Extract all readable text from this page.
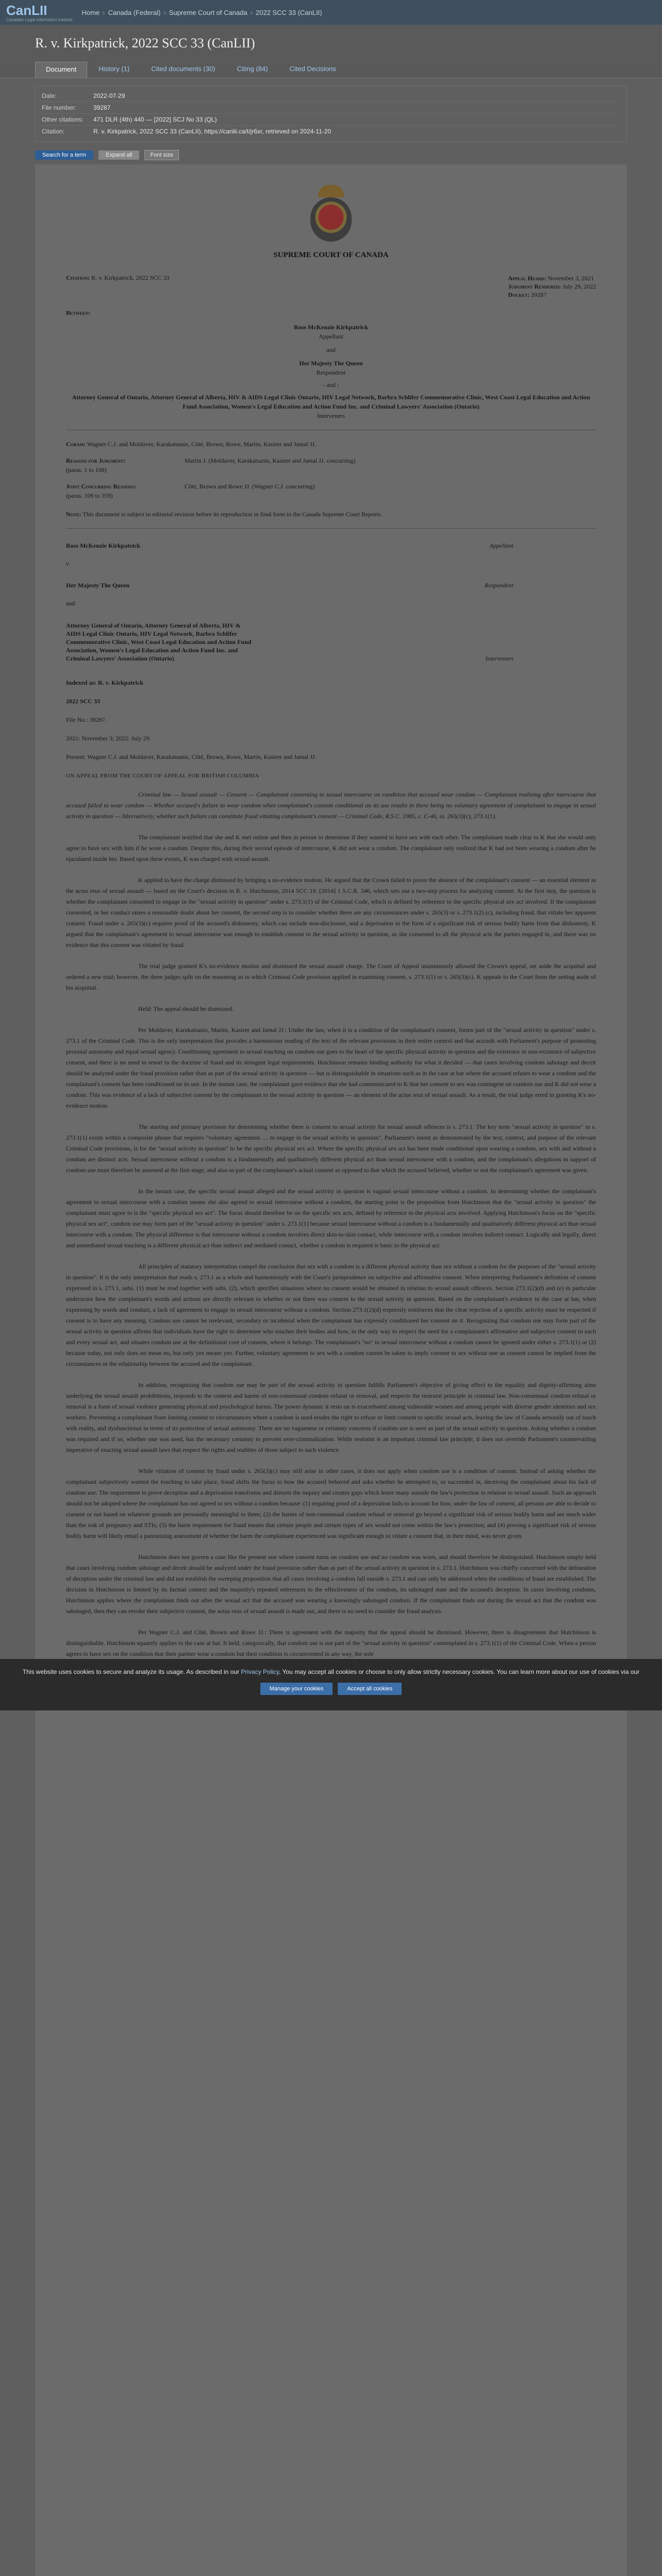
CanLII
Canadian Legal Information Institute
Home › Canada (Federal) › Supreme Court of Canada › 2022 SCC 33 (CanLII)
R. v. Kirkpatrick, 2022 SCC 33 (CanLII)
Document	History (1)	Cited documents (30)	Citing (84)	Cited Decisions
Date:	2022-07-29
File number:	39287
Other citations:	471 DLR (4th) 440 — [2022] SCJ No 33 (QL)
Citation:	R. v. Kirkpatrick, 2022 SCC 33 (CanLII), https://canlii.ca/t/jr6xr, retrieved on 2024-11-20
Search for a term	Expand all	Font size
SUPREME COURT OF CANADA
Citation: R. v. Kirkpatrick, 2022 SCC 33	Appeal Heard: November 3, 2021
Judgment Rendered: July 29, 2022
Docket: 39287
Between:
Ross McKenzie Kirkpatrick
Appellant
and
Her Majesty The Queen
Respondent
- and -
Attorney General of Ontario, Attorney General of Alberta, HIV & AIDS Legal Clinic Ontario, HIV Legal Network, Barbra Schlifer Commemorative Clinic, West Coast Legal Education and Action Fund Association, Women's Legal Education and Action Fund Inc. and Criminal Lawyers' Association (Ontario)
Interveners
Coram: Wagner C.J. and Moldaver, Karakatsanis, Côté, Brown, Rowe, Martin, Kasirer and Jamal JJ.
Reasons for Judgment:
(paras. 1 to 108)
Martin J. (Moldaver, Karakatsanis, Kasirer and Jamal JJ. concurring)
Joint Concurring Reasons:
(paras. 109 to 359)
Côté, Brown and Rowe JJ. (Wagner C.J. concurring)
Note: This document is subject to editorial revision before its reproduction in final form in the Canada Supreme Court Reports.
Ross McKenzie Kirkpatrick	Appellant
v.
Her Majesty The Queen	Respondent
and
Attorney General of Ontario, Attorney General of Alberta, HIV & AIDS Legal Clinic Ontario, HIV Legal Network, Barbra Schlifer Commemorative Clinic, West Coast Legal Education and Action Fund Association, Women's Legal Education and Action Fund Inc. and Criminal Lawyers' Association (Ontario)	Interveners
Indexed as: R. v. Kirkpatrick
2022 SCC 33
File No.: 39287.
2021: November 3; 2022: July 29.
Present: Wagner C.J. and Moldaver, Karakatsanis, Côté, Brown, Rowe, Martin, Kasirer and Jamal JJ.
ON APPEAL FROM THE COURT OF APPEAL FOR BRITISH COLUMBIA
Criminal law — Sexual assault — Consent — Complainant consenting to sexual intercourse on condition that accused wear condom — Complainant realizing after intercourse that accused failed to wear condom — Whether accused's failure to wear condom when complainant's consent conditional on its use results in there being no voluntary agreement of complainant to engage in sexual activity in question — Alternatively, whether such failure can constitute fraud vitiating complainant's consent — Criminal Code, R.S.C. 1985, c. C-46, ss. 265(3)(c), 273.1(1).
The complainant testified that she and K met online and then in person to determine if they wanted to have sex with each other. The complainant made clear to K that she would only agree to have sex with him if he wore a condom. Despite this, during their second episode of intercourse, K did not wear a condom. The complainant only realized that K had not been wearing a condom after he ejaculated inside her. Based upon these events, K was charged with sexual assault.
K applied to have the charge dismissed by bringing a no-evidence motion. He argued that the Crown failed to prove the absence of the complainant's consent — an essential element in the actus reus of sexual assault — based on the Court's decision in R. v. Hutchinson, 2014 SCC 19. [2014] 1 S.C.R. 346, which sets out a two-step process for analyzing consent. At the first step, the question is whether the complainant consented to engage in the "sexual activity in question" under s. 273.1(1) of the Criminal Code, which is defined by reference to the specific physical sex act involved. If the complainant consented, or her conduct raises a reasonable doubt about her consent, the second step is to consider whether there are any circumstances under s. 265(3) or s. 273.1(2) (c), including fraud, that vitiate her apparent consent. Fraud under s. 265(3)(c) requires proof of the accused's dishonesty, which can include non-disclosure, and a deprivation in the form of a significant risk of serious bodily harm from that dishonesty. K argued that the complainant's agreement to sexual intercourse was enough to establish consent to the sexual activity in question, as she consented to all the physical acts the parties engaged in, and there was no evidence that this consent was vitiated by fraud.
The trial judge granted K's no-evidence motion and dismissed the sexual assault charge. The Court of Appeal unanimously allowed the Crown's appeal, set aside the acquittal and ordered a new trial; however, the three judges split on the reasoning as to which Criminal Code provision applied in examining consent, s. 273.1(1) or s. 265(3)(c). K appeals to the Court from the setting aside of his acquittal.
Held: The appeal should be dismissed.
Per Moldaver, Karakatsanis, Martin, Kasirer and Jamal JJ.: Under the law, when it is a condition of the complainant's consent, forms part of the "sexual activity in question" under s. 273.1 of the Criminal Code. This is the only interpretation that provides a harmonious reading of the text of the relevant provisions in their entire context and that accords with Parliament's purpose of promoting personal autonomy and equal sexual agency. Conditioning agreement to sexual touching on condom use goes to the heart of the specific physical activity in question and the existence or non-existence of subjective consent, and there is no need to resort to the doctrine of fraud and its stringent legal requirements. Hutchinson remains binding authority for what it decided — that cases involving condom sabotage and deceit should be analyzed under the fraud provision rather than as part of the sexual activity in question — but is distinguishable in situations such as in the case at bar where the accused refuses to wear a condom and the complainant's consent has been conditioned on its use. In the instant case, the complainant gave evidence that she had communicated to K that her consent to sex was contingent on condom use and K did not wear a condom. This was evidence of a lack of subjective consent by the complainant to the sexual activity in question — an element of the actus reus of sexual assault. As a result, the trial judge erred in granting K's no-evidence motion.
The starting and primary provision for determining whether there is consent to sexual activity for sexual assault offences is s. 273.1. The key term "sexual activity in question" in s. 273.1(1) exists within a composite phrase that requires "voluntary agreement … to engage in the sexual activity in question". Parliament's intent as demonstrated by the text, context, and purpose of the relevant Criminal Code provisions, is for the "sexual activity in question" to be the specific physical sex act. Where the specific physical sex act has been made conditional upon wearing a condom, sex with and without a condom are distinct acts. Sexual intercourse without a condom is a fundamentally and qualitatively different physical act than sexual intercourse with a condom, and the complainant's allegations in support of condom use must therefore be assessed at the first stage, and also as part of the complainant's actual consent as opposed to that which the accused believed, whether or not the complainant's agreement was given.
In the instant case, the specific sexual assault alleged and the sexual activity in question is vaginal sexual intercourse without a condom. In determining whether the complainant's agreement to sexual intercourse with a condom means she also agreed to sexual intercourse without a condom, the starting point is the proposition from Hutchinson that the "sexual activity in question" the complainant must agree to is the "specific physical sex act". The focus should therefore be on the specific sex acts, defined by reference to the physical acts involved. Applying Hutchinson's focus on the "specific physical sex act", condom use may form part of the "sexual activity in question" under s. 273.1(1) because sexual intercourse without a condom is a fundamentally and qualitatively different physical act than sexual intercourse with a condom. The physical difference is that intercourse without a condom involves direct skin-to-skin contact, while intercourse with a condom involves indirect contact. Logically and legally, direct and unmediated sexual touching is a different physical act than indirect and mediated contact, whether a condom is required is basic to the physical act.
All principles of statutory interpretation compel the conclusion that sex with a condom is a different physical activity than sex without a condom for the purposes of the "sexual activity in question". It is the only interpretation that reads s. 273.1 as a whole and harmoniously with the Court's jurisprudence on subjective and affirmative consent. When interpreting Parliament's definition of consent expressed in s. 273.1, subs. (1) must be read together with subs. (2), which specifies situations where no consent would be obtained in relation to sexual assault offences. Section 273.1(2)(d) and (e) in particular underscore how the complainant's words and actions are directly relevant to whether or not there was consent to the sexual activity in question. Based on the complainant's evidence in the case at bar, when expressing by words and conduct, a lack of agreement to engage in sexual intercourse without a condom. Section 273.1(2)(d) expressly reinforces that the clear rejection of a specific activity must be respected if consent is to have any meaning. Condom use cannot be irrelevant, secondary or incidental when the complainant has expressly conditioned her consent on it. Recognizing that condom use may form part of the sexual activity in question affirms that individuals have the right to determine who touches their bodies and how, in the only way to respect the need for a complainant's affirmative and subjective consent to each and every sexual act, and situates condom use at the definitional core of consent, where it belongs. The complainant's "no" to sexual intercourse without a condom cannot be ignored under either s. 273.1(1) or (2) because today, not only does no mean no, but only yes means yes. Further, voluntary agreement to sex with a condom cannot be taken to imply consent to sex without one as consent cannot be implied from the circumstances or the relationship between the accused and the complainant.
In addition, recognizing that condom use may be part of the sexual activity in question fulfills Parliament's objective of giving effect to the equality and dignity-affirming aims underlying the sexual assault prohibitions, responds to the context and harms of non-consensual condom refusal or removal, and respects the restraint principle in criminal law. Non-consensual condom refusal or removal is a form of sexual violence generating physical and psychological harms. The power dynamic it rests on is exacerbated among vulnerable women and among people with diverse gender identities and sex workers. Preventing a complainant from limiting consent to circumstances where a condom is used erodes the right to refuse or limit consent to specific sexual acts, leaving the law of Canada seriously out of touch with reality, and dysfunctional in terms of its protection of sexual autonomy. There are no vagueness or certainty concerns if condom use is seen as part of the sexual activity in question. Asking whether a condom was required and if so, whether one was used, has the necessary certainty to prevent over-criminalization. While restraint is an important criminal law principle, it does not override Parliament's countervailing imperative of enacting sexual assault laws that respect the rights and realities of those subject to such violence.
While vitiation of consent by fraud under s. 265(3)(c) may still arise in other cases, it does not apply when condom use is a condition of consent. Instead of asking whether the complainant subjectively wanted the touching to take place, fraud shifts the focus to how the accused behaved and asks whether he attempted to, or succeeded in, deceiving the complainant about his lack of condom use. The requirement to prove deception and a deprivation transforms and distorts the inquiry and creates gaps which leave many outside the law's protection in relation to sexual assault. Such an approach should not be adopted where the complainant has not agreed to sex without a condom because: (1) requiring proof of a deprivation fails to account for how, under the law of consent, all persons are able to decide to consent or not based on whatever grounds are personally meaningful to them; (2) the harms of non-consensual condom refusal or removal go beyond a significant risk of serious bodily harm and are much wider than the risk of pregnancy and STIs; (3) the harm requirement for fraud means that certain people and certain types of sex would not come within the law's protection; and (4) proving a significant risk of serious bodily harm will likely entail a patronizing assessment of whether the harm the complainant experienced was significant enough to vitiate a consent that, in their mind, was never given.
Hutchinson does not govern a case like the present one where consent turns on condom use and no condom was worn, and should therefore be distinguished. Hutchinson simply held that cases involving condom sabotage and deceit should be analyzed under the fraud provision rather than as part of the sexual activity in question in s. 273.1. Hutchinson was chiefly concerned with the delineation of deception under the criminal law and did not establish the sweeping proposition that all cases involving a condom fall outside s. 273.1 and can only be addressed when the conditions of fraud are established. The decision in Hutchinson is limited by its factual context and the majority's repeated references to the effectiveness of the condom, its sabotaged state and the accused's deception. In cases involving condoms, Hutchinson applies where the complainant finds out after the sexual act that the accused was wearing a knowingly sabotaged condom. If the complainant finds out during the sexual act that the condom was sabotaged, then they can revoke their subjective consent, the actus reus of sexual assault is made out, and there is no need to consider the fraud analysis.
Per Wagner C.J. and Côté, Brown and Rowe JJ.: There is agreement with the majority that the appeal should be dismissed. However, there is disagreement that Hutchinson is distinguishable. Hutchinson squarely applies to the case at bar. It held, categorically, that condom use is not part of the "sexual activity in question" contemplated in s. 273.1(1) of the Criminal Code. When a person agrees to have sex on the condition that their partner wear a condom but their condition is circumvented in any way, the sole
This website uses cookies to secure and analyze its usage. As described in our Privacy Policy, You may accept all cookies or choose to only allow strictly necessary cookies. You can learn more about our use of cookies via our
Manage your cookies	Accept all cookies
